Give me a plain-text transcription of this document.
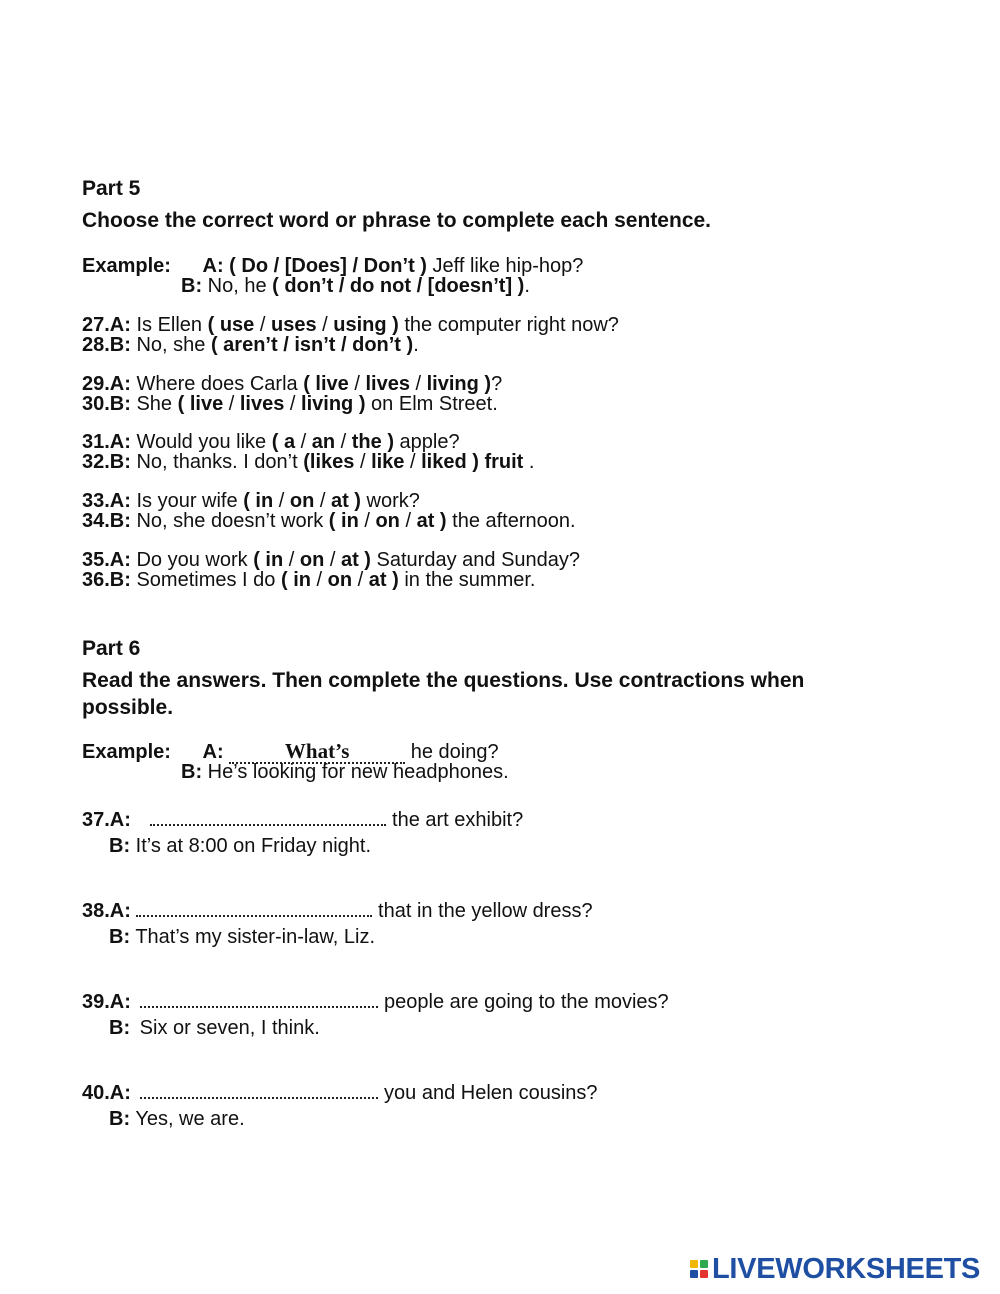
Part 5
Choose the correct word or phrase to complete each sentence.
Example: A: ( Do / [Does] / Don’t ) Jeff like hip-hop?
B: No, he ( don’t / do not / [doesn’t] ).
27.A: Is Ellen ( use / uses / using ) the computer right now?
28.B: No, she ( aren’t / isn’t / don’t ).
29.A: Where does Carla ( live / lives / living )?
30.B: She ( live / lives / living ) on Elm Street.
31.A: Would you like ( a / an / the ) apple?
32.B: No, thanks. I don’t (likes / like / liked ) fruit .
33.A: Is your wife ( in / on / at ) work?
34.B: No, she doesn’t work ( in / on / at ) the afternoon.
35.A: Do you work ( in / on / at ) Saturday and Sunday?
36.B: Sometimes I do ( in / on / at ) in the summer.
Part 6
Read the answers. Then complete the questions. Use contractions when
possible.
Example: A:	What’s	he doing?
B: He’s looking for new headphones.
37.A:	the art exhibit?
B: It’s at 8:00 on Friday night.
38.A:	that in the yellow dress?
B: That’s my sister-in-law, Liz.
39.A:	people are going to the movies?
B: Six or seven, I think.
40.A:	you and Helen cousins?
B: Yes, we are.
LIVEWORKSHEETS
